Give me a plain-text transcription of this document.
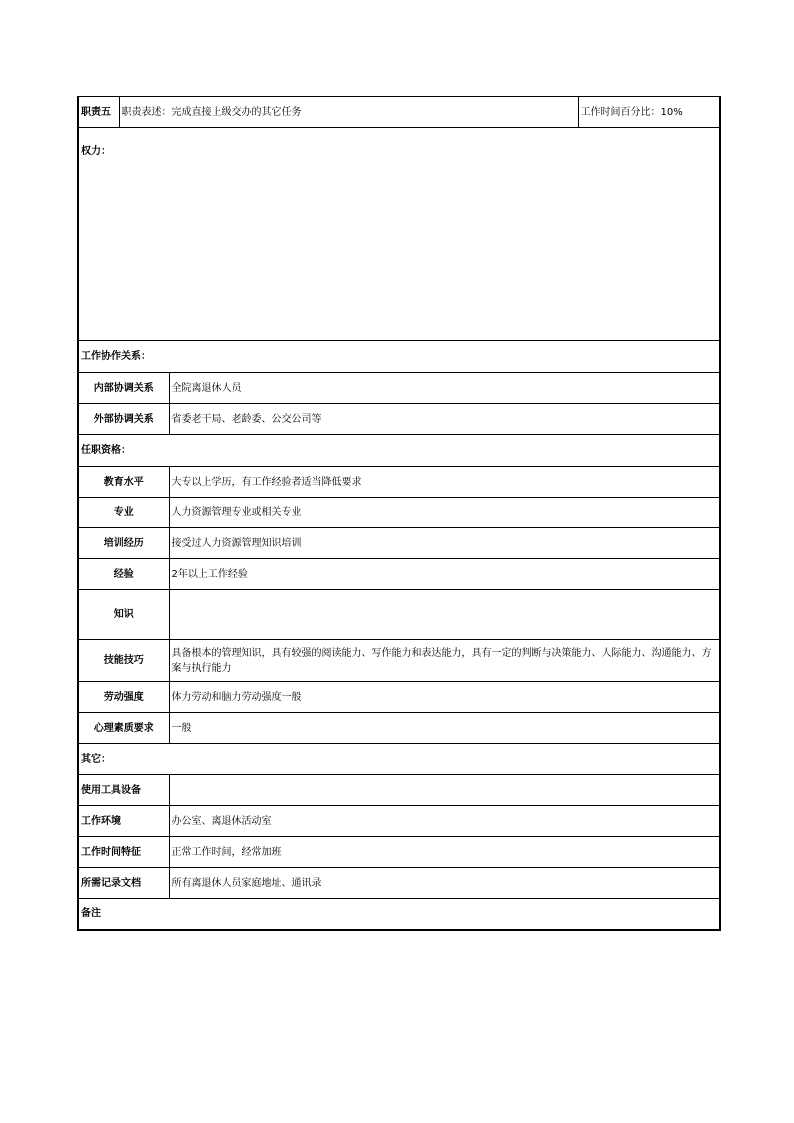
职责五	职责表述：完成直接上级交办的其它任务		工作时间百分比：10%
权力：			
工作协作关系：			
内部协调关系		全院离退休人员	
外部协调关系		省委老干局、老龄委、公交公司等	
任职资格：			
教育水平		大专以上学历，有工作经验者适当降低要求	
专业		人力资源管理专业或相关专业	
培训经历		接受过人力资源管理知识培训	
经验		2年以上工作经验	
知识			
技能技巧		具备根本的管理知识，具有较强的阅读能力、写作能力和表达能力，具有一定的判断与决策能力、人际能力、沟通能力、方案与执行能力	
劳动强度		体力劳动和脑力劳动强度一般	
心理素质要求		一般	
其它：			
使用工具设备			
工作环境		办公室、离退休活动室	
工作时间特征		正常工作时间，经常加班	
所需记录文档		所有离退休人员家庭地址、通讯录	
备注			
